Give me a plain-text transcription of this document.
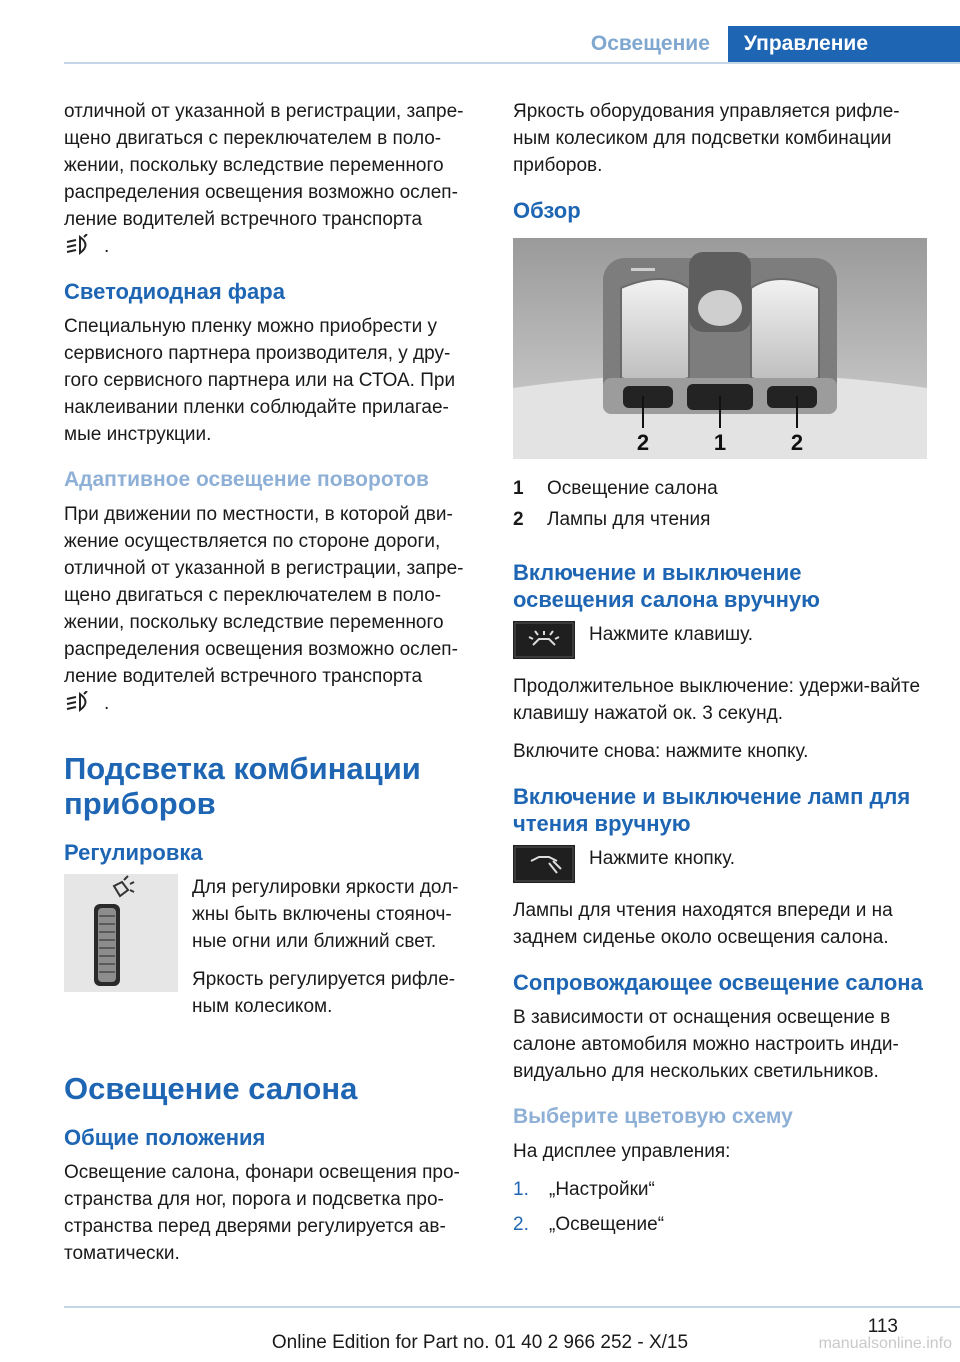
Освещение	Управление

отличной от указанной в регистрации, запре‐щено двигаться с переключателем в поло‐жении, поскольку вследствие переменного распределения освещения возможно ослеп‐ление водителей встречного транспорта
.

Светодиодная фара

Специальную пленку можно приобрести у сервисного партнера производителя, у дру‐гого сервисного партнера или на СТОА. При наклеивании пленки соблюдайте прилагае‐мые инструкции.

Адаптивное освещение поворотов

При движении по местности, в которой дви‐жение осуществляется по стороне дороги, отличной от указанной в регистрации, запре‐щено двигаться с переключателем в поло‐жении, поскольку вследствие переменного распределения освещения возможно ослеп‐ление водителей встречного транспорта
.

Подсветка комбинации приборов
Регулировка

Для регулировки яркости дол‐жны быть включены стояноч‐ные огни или ближний свет.

Яркость регулируется рифле‐ным колесиком.

Освещение салона
Общие положения

Освещение салона, фонари освещения про‐странства для ног, порога и подсветка про‐странства перед дверями регулируется ав‐томатически.

Яркость оборудования управляется рифле‐ным колесиком для подсветки комбинации приборов.

Обзор
2	1	2
1	Освещение салона
2	Лампы для чтения
Включение и выключение освещения салона вручную
Нажмите клавишу.

Продолжительное выключение: удержи‐вайте клавишу нажатой ок. 3 секунд.

Включите снова: нажмите кнопку.

Включение и выключение ламп для чтения вручную
Нажмите кнопку.

Лампы для чтения находятся впереди и на заднем сиденье около освещения салона.

Сопровождающее освещение салона

В зависимости от оснащения освещение в салоне автомобиля можно настроить инди‐видуально для нескольких светильников.

Выберите цветовую схему

На дисплее управления:

1.	„Настройки“
2.	„Освещение“
113
Online Edition for Part no. 01 40 2 966 252 - X/15	manualsonline.info
